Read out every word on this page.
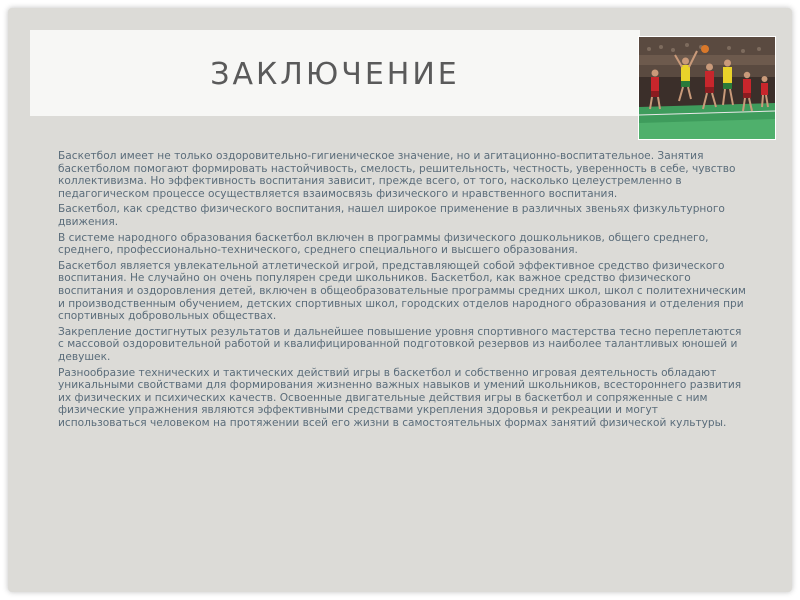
ЗАКЛЮЧЕНИЕ

Баскетбол имеет не только оздоровительно-гигиеническое значение, но и агитационно-воспитательное. Занятия баскетболом помогают формировать настойчивость, смелость, решительность, честность, уверенность в себе, чувство коллективизма. Но эффективность воспитания зависит, прежде всего, от того, насколько целеустремленно в педагогическом процессе осуществляется взаимосвязь физического и нравственного воспитания.

Баскетбол, как средство физического воспитания, нашел широкое применение в различных звеньях физкультурного движения.

В системе народного образования баскетбол включен в программы физического дошкольников, общего среднего, среднего, профессионально-технического, среднего специального и высшего образования.

Баскетбол является увлекательной атлетической игрой, представляющей собой эффективное средство физического воспитания. Не случайно он очень популярен среди школьников. Баскетбол, как важное средство физического воспитания и оздоровления детей, включен в общеобразовательные программы средних школ, школ с политехническим и производственным обучением, детских спортивных школ, городских отделов народного образования и отделения при спортивных добровольных обществах.

Закрепление достигнутых результатов и дальнейшее повышение уровня спортивного мастерства тесно переплетаются с массовой оздоровительной работой и квалифицированной подготовкой резервов из наиболее талантливых юношей и девушек.

Разнообразие технических и тактических действий игры в баскетбол и собственно игровая деятельность обладают уникальными свойствами для формирования жизненно важных навыков и умений школьников, всестороннего развития их физических и психических качеств. Освоенные двигательные действия игры в баскетбол и сопряженные с ним физические упражнения являются эффективными средствами укрепления здоровья и рекреации и могут использоваться человеком на протяжении всей его жизни в самостоятельных формах занятий физической культуры.
